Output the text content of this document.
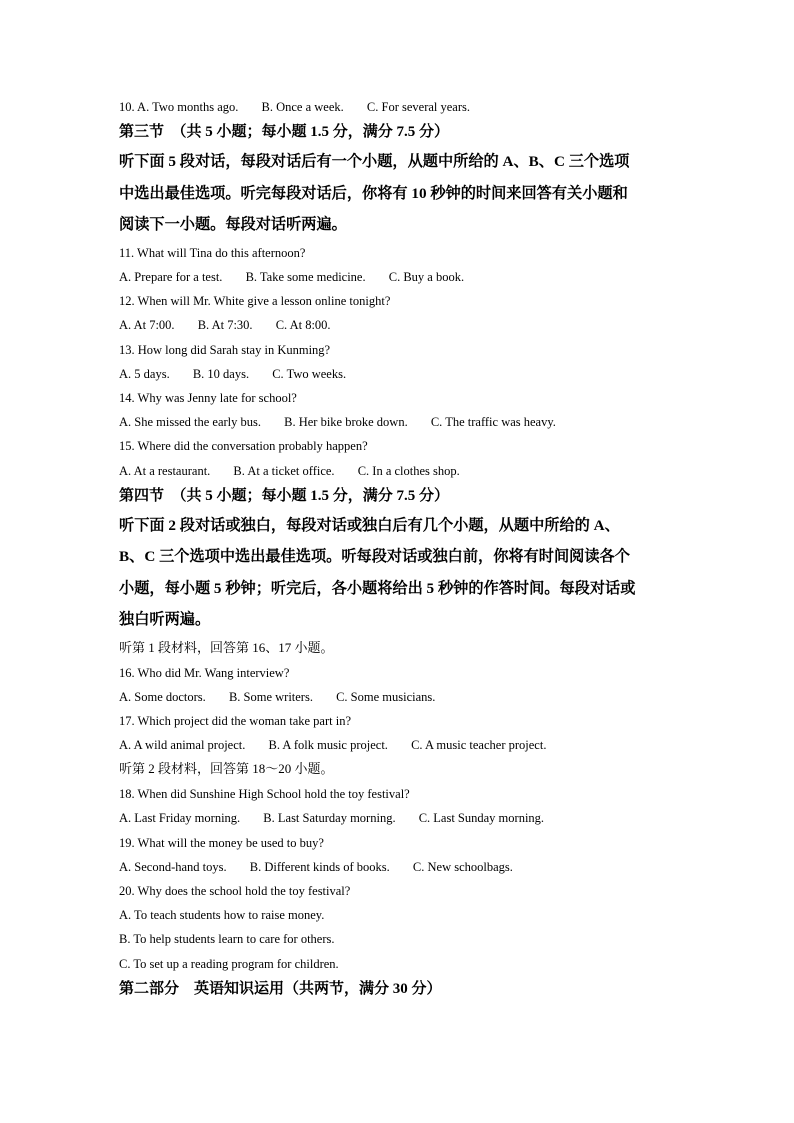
10. A. Two months ago. B. Once a week. C. For several years.
第三节　（共 5 小题；每小题 1.5 分，满分 7.5 分）
听下面 5 段对话，每段对话后有一个小题，从题中所给的 A、B、C 三个选项
中选出最佳选项。听完每段对话后，你将有 10 秒钟的时间来回答有关小题和
阅读下一小题。每段对话听两遍。
11. What will Tina do this afternoon?
A. Prepare for a test. B. Take some medicine. C. Buy a book.
12. When will Mr. White give a lesson online tonight?
A. At 7:00. B. At 7:30. C. At 8:00.
13. How long did Sarah stay in Kunming?
A. 5 days. B. 10 days. C. Two weeks.
14. Why was Jenny late for school?
A. She missed the early bus. B. Her bike broke down. C. The traffic was heavy.
15. Where did the conversation probably happen?
A. At a restaurant. B. At a ticket office. C. In a clothes shop.
第四节　（共 5 小题；每小题 1.5 分，满分 7.5 分）
听下面 2 段对话或独白，每段对话或独白后有几个小题，从题中所给的 A、
B、C 三个选项中选出最佳选项。听每段对话或独白前，你将有时间阅读各个
小题，每小题 5 秒钟；听完后，各小题将给出 5 秒钟的作答时间。每段对话或
独白听两遍。
听第 1 段材料，回答第 16、17 小题。
16. Who did Mr. Wang interview?
A. Some doctors. B. Some writers. C. Some musicians.
17. Which project did the woman take part in?
A. A wild animal project. B. A folk music project. C. A music teacher project.
听第 2 段材料，回答第 18～20 小题。
18. When did Sunshine High School hold the toy festival?
A. Last Friday morning. B. Last Saturday morning. C. Last Sunday morning.
19. What will the money be used to buy?
A. Second-hand toys. B. Different kinds of books. C. New schoolbags.
20. Why does the school hold the toy festival?
A. To teach students how to raise money.
B. To help students learn to care for others.
C. To set up a reading program for children.
第二部分　英语知识运用（共两节，满分 30 分）
